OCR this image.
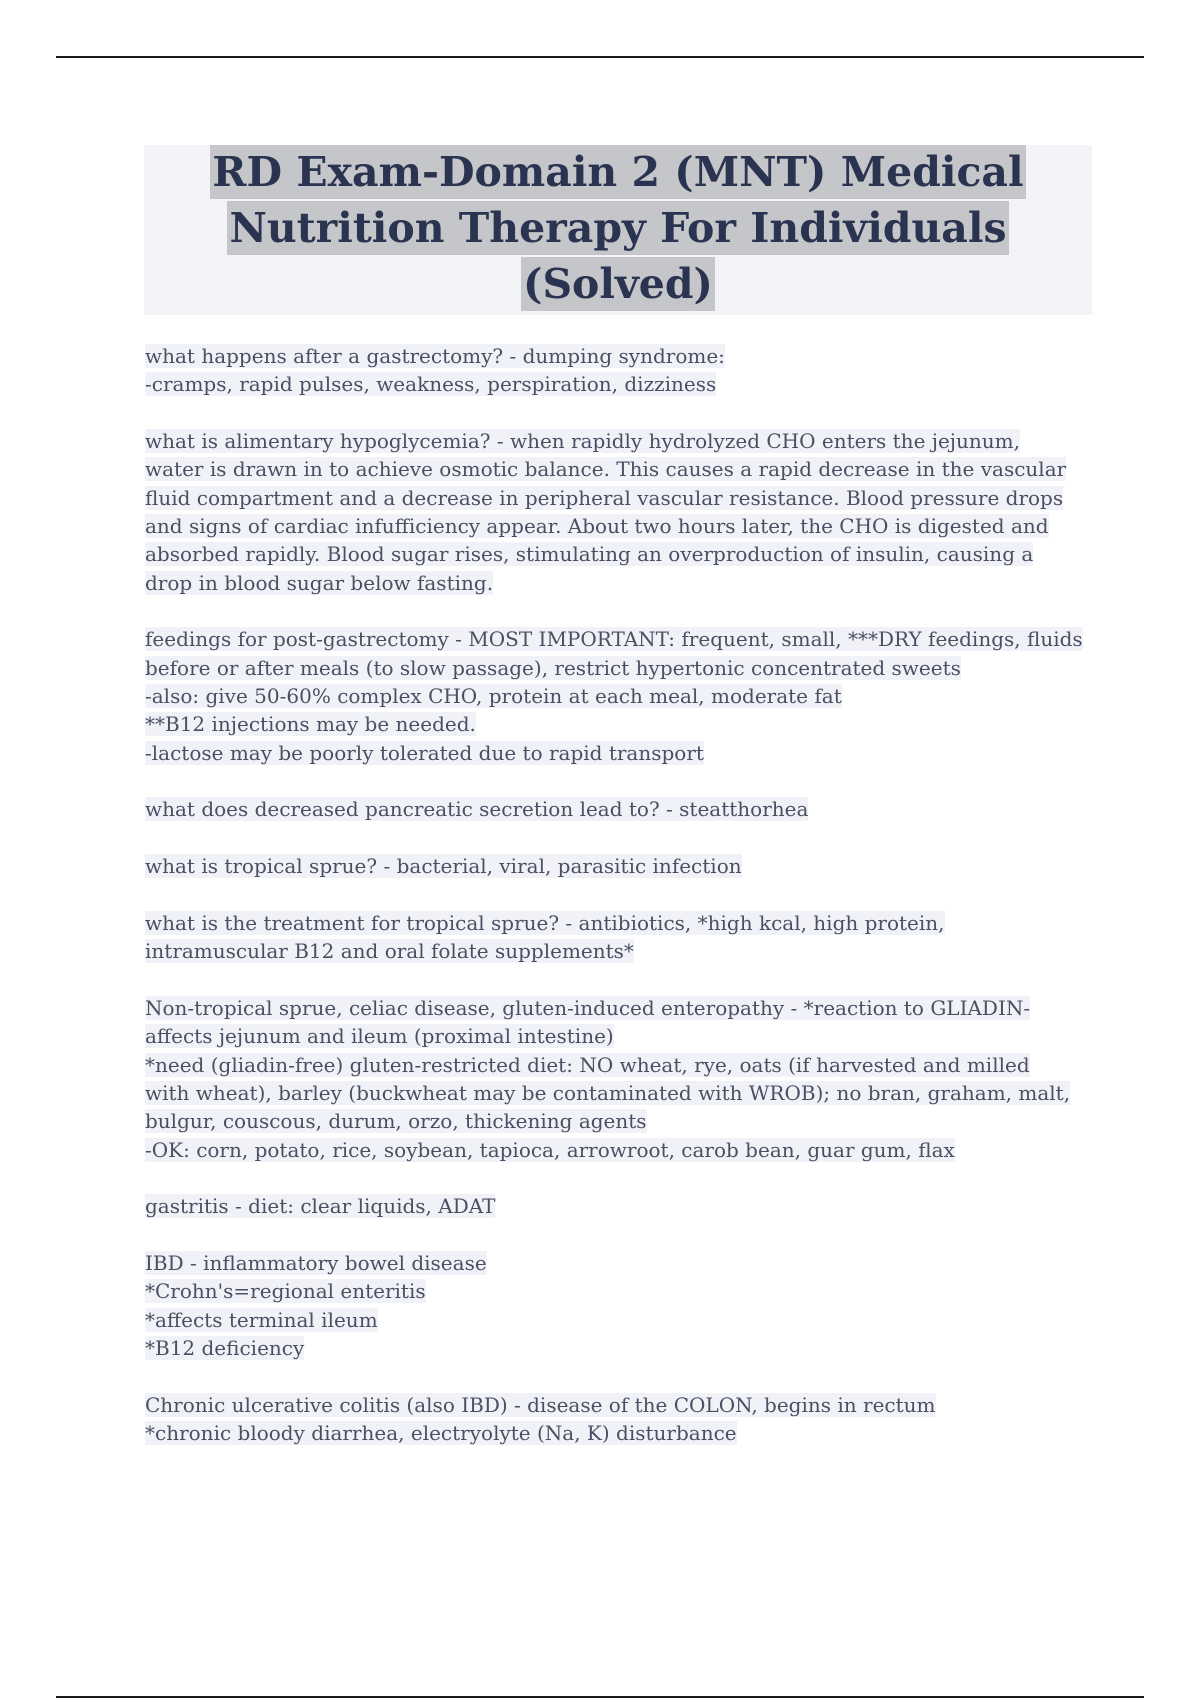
RD Exam-Domain 2 (MNT) Medical
Nutrition Therapy For Individuals
(Solved)
what happens after a gastrectomy? - dumping syndrome:
-cramps, rapid pulses, weakness, perspiration, dizziness
what is alimentary hypoglycemia? - when rapidly hydrolyzed CHO enters the jejunum,
water is drawn in to achieve osmotic balance. This causes a rapid decrease in the vascular
fluid compartment and a decrease in peripheral vascular resistance. Blood pressure drops
and signs of cardiac infufficiency appear. About two hours later, the CHO is digested and
absorbed rapidly. Blood sugar rises, stimulating an overproduction of insulin, causing a
drop in blood sugar below fasting.
feedings for post-gastrectomy - MOST IMPORTANT: frequent, small, ***DRY feedings, fluids
before or after meals (to slow passage), restrict hypertonic concentrated sweets
-also: give 50-60% complex CHO, protein at each meal, moderate fat
**B12 injections may be needed.
-lactose may be poorly tolerated due to rapid transport
what does decreased pancreatic secretion lead to? - steatthorhea
what is tropical sprue? - bacterial, viral, parasitic infection
what is the treatment for tropical sprue? - antibiotics, *high kcal, high protein,
intramuscular B12 and oral folate supplements*
Non-tropical sprue, celiac disease, gluten-induced enteropathy - *reaction to GLIADIN-
affects jejunum and ileum (proximal intestine)
*need (gliadin-free) gluten-restricted diet: NO wheat, rye, oats (if harvested and milled
with wheat), barley (buckwheat may be contaminated with WROB); no bran, graham, malt,
bulgur, couscous, durum, orzo, thickening agents
-OK: corn, potato, rice, soybean, tapioca, arrowroot, carob bean, guar gum, flax
gastritis - diet: clear liquids, ADAT
IBD - inflammatory bowel disease
*Crohn's=regional enteritis
*affects terminal ileum
*B12 deficiency
Chronic ulcerative colitis (also IBD) - disease of the COLON, begins in rectum
*chronic bloody diarrhea, electryolyte (Na, K) disturbance
